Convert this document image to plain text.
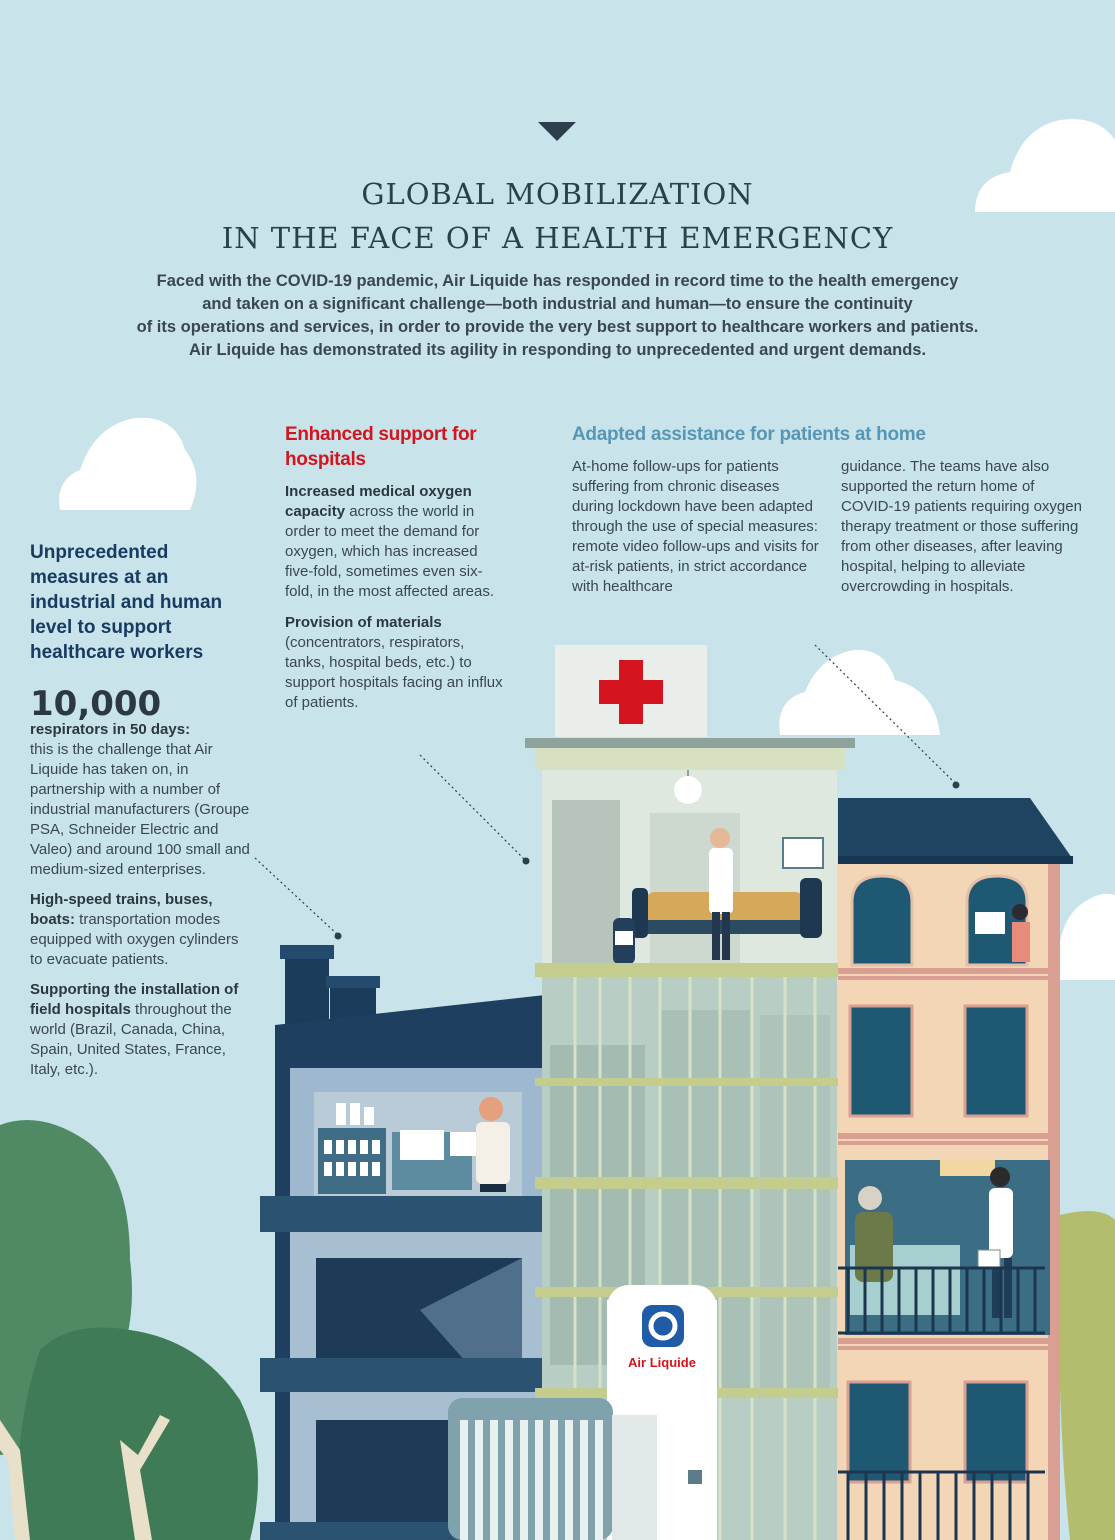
GLOBAL MOBILIZATION
IN THE FACE OF A HEALTH EMERGENCY
Faced with the COVID-19 pandemic, Air Liquide has responded in record time to the health emergency
and taken on a significant challenge—both industrial and human—to ensure the continuity
of its operations and services, in order to provide the very best support to healthcare workers and patients.
Air Liquide has demonstrated its agility in responding to unprecedented and urgent demands.
Unprecedented measures at an industrial and human level to support healthcare workers
10,000
respirators in 50 days:

this is the challenge that Air Liquide has taken on, in partnership with a number of industrial manufacturers (Groupe PSA, Schneider Electric and Valeo) and around 100 small and medium-sized enterprises.

High-speed trains, buses, boats: transportation modes equipped with oxygen cylinders to evacuate patients.

Supporting the installation of field hospitals throughout the world (Brazil, Canada, China, Spain, United States, France, Italy, etc.).

Enhanced support for hospitals

Increased medical oxygen capacity across the world in order to meet the demand for oxygen, which has increased five-fold, sometimes even six-fold, in the most affected areas.

Provision of materials
(concentrators, respirators, tanks, hospital beds, etc.) to support hospitals facing an influx of patients.

Adapted assistance for patients at home

At-home follow-ups for patients suffering from chronic diseases during lockdown have been adapted through the use of special measures: remote video follow-ups and visits for at-risk patients, in strict accordance with healthcare

guidance. The teams have also supported the return home of COVID-19 patients requiring oxygen therapy treatment or those suffering from other diseases, after leaving hospital, helping to alleviate overcrowding in hospitals.

Air Liquide
